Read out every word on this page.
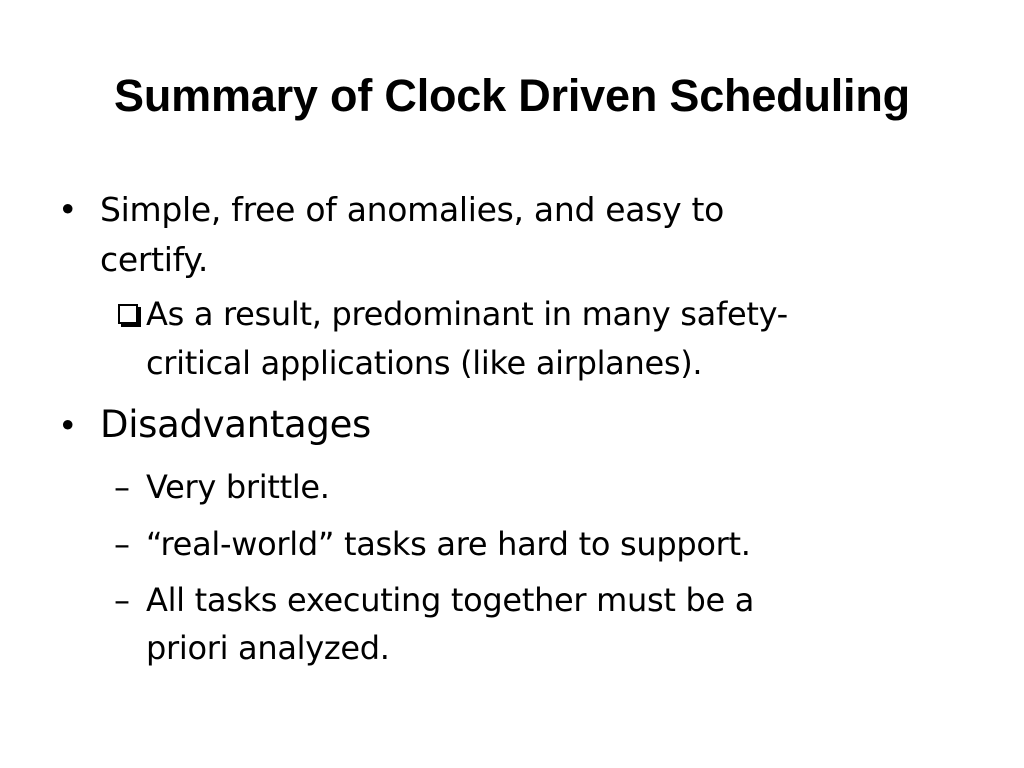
Summary of Clock Driven Scheduling
• Simple, free of anomalies, and easy to
certify.
As a result, predominant in many safety-
critical applications (like airplanes).
• Disadvantages
– Very brittle.
– “real-world” tasks are hard to support.
– All tasks executing together must be a
priori analyzed.
